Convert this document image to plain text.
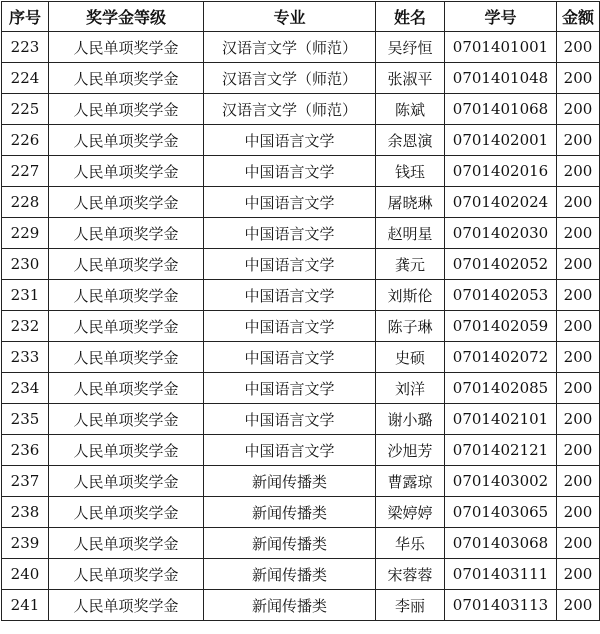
序号	奖学金等级	专业	姓名	学号	金额
223	人民单项奖学金	汉语言文学（师范）	吴纾恒	0701401001	200
224	人民单项奖学金	汉语言文学（师范）	张淑平	0701401048	200
225	人民单项奖学金	汉语言文学（师范）	陈斌	0701401068	200
226	人民单项奖学金	中国语言文学	余恩演	0701402001	200
227	人民单项奖学金	中国语言文学	钱珏	0701402016	200
228	人民单项奖学金	中国语言文学	屠晓琳	0701402024	200
229	人民单项奖学金	中国语言文学	赵明星	0701402030	200
230	人民单项奖学金	中国语言文学	龚元	0701402052	200
231	人民单项奖学金	中国语言文学	刘斯伦	0701402053	200
232	人民单项奖学金	中国语言文学	陈子琳	0701402059	200
233	人民单项奖学金	中国语言文学	史硕	0701402072	200
234	人民单项奖学金	中国语言文学	刘洋	0701402085	200
235	人民单项奖学金	中国语言文学	谢小璐	0701402101	200
236	人民单项奖学金	中国语言文学	沙旭芳	0701402121	200
237	人民单项奖学金	新闻传播类	曹露琼	0701403002	200
238	人民单项奖学金	新闻传播类	梁婷婷	0701403065	200
239	人民单项奖学金	新闻传播类	华乐	0701403068	200
240	人民单项奖学金	新闻传播类	宋蓉蓉	0701403111	200
241	人民单项奖学金	新闻传播类	李丽	0701403113	200
